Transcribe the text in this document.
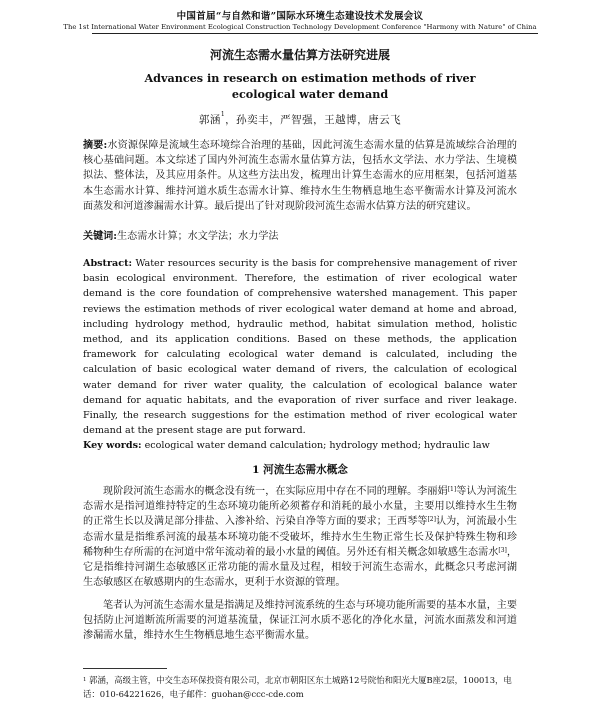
中国首届“与自然和谐”国际水环境生态建设技术发展会议
The 1st International Water Environment Ecological Construction Technology Development Conference "Harmony with Nature" of China
河流生态需水量估算方法研究进展
Advances in research on estimation methods of river ecological water demand
郭涵$^1$，孙奕丰，严智强，王越博，唐云飞
摘要:水资源保障是流域生态环境综合治理的基础，因此河流生态需水量的估算是流域综合治理的核心基础问题。本文综述了国内外河流生态需水量估算方法，包括水文学法、水力学法、生境模拟法、整体法，及其应用条件。从这些方法出发，梳理出计算生态需水的应用框架，包括河道基本生态需水计算、维持河道水质生态需水计算、维持水生生物栖息地生态平衡需水计算及河流水面蒸发和河道渗漏需水计算。最后提出了针对现阶段河流生态需水估算方法的研究建议。
关键词:生态需水计算；水文学法；水力学法
Abstract: Water resources security is the basis for comprehensive management of river basin ecological environment. Therefore, the estimation of river ecological water demand is the core foundation of comprehensive watershed management. This paper reviews the estimation methods of river ecological water demand at home and abroad, including hydrology method, hydraulic method, habitat simulation method, holistic method, and its application conditions. Based on these methods, the application framework for calculating ecological water demand is calculated, including the calculation of basic ecological water demand of rivers, the calculation of ecological water demand for river water quality, the calculation of ecological balance water demand for aquatic habitats, and the evaporation of river surface and river leakage. Finally, the research suggestions for the estimation method of river ecological water demand at the present stage are put forward.
Key words: ecological water demand calculation; hydrology method; hydraulic law
1 河流生态需水概念
现阶段河流生态需水的概念没有统一，在实际应用中存在不同的理解。李丽娟[1]等认为河流生态需水是指河道维持特定的生态环境功能所必须蓄存和消耗的最小水量，主要用以维持水生生物的正常生长以及满足部分排盐、入渗补给、污染自净等方面的要求；王西琴等[2]认为，河流最小生态需水量是指维系河流的最基本环境功能不受破坏，维持水生生物正常生长及保护特殊生物和珍稀物种生存所需的在河道中常年流动着的最小水量的阈值。另外还有相关概念如敏感生态需水[3]，它是指维持河湖生态敏感区正常功能的需水量及过程，相较于河流生态需水，此概念只考虑河湖生态敏感区在敏感期内的生态需水，更利于水资源的管理。
笔者认为河流生态需水量是指满足及维持河流系统的生态与环境功能所需要的基本水量，主要包括防止河道断流所需要的河道基流量，保证江河水质不恶化的净化水量，河流水面蒸发和河道渗漏需水量，维持水生生物栖息地生态平衡需水量。
$^1$ 郭涵，高级主管，中交生态环保投资有限公司，北京市朝阳区东土城路12号院怡和阳光大厦B座2层，100013，电话：010-64221626，电子邮件：guohan@ccc-cde.com
